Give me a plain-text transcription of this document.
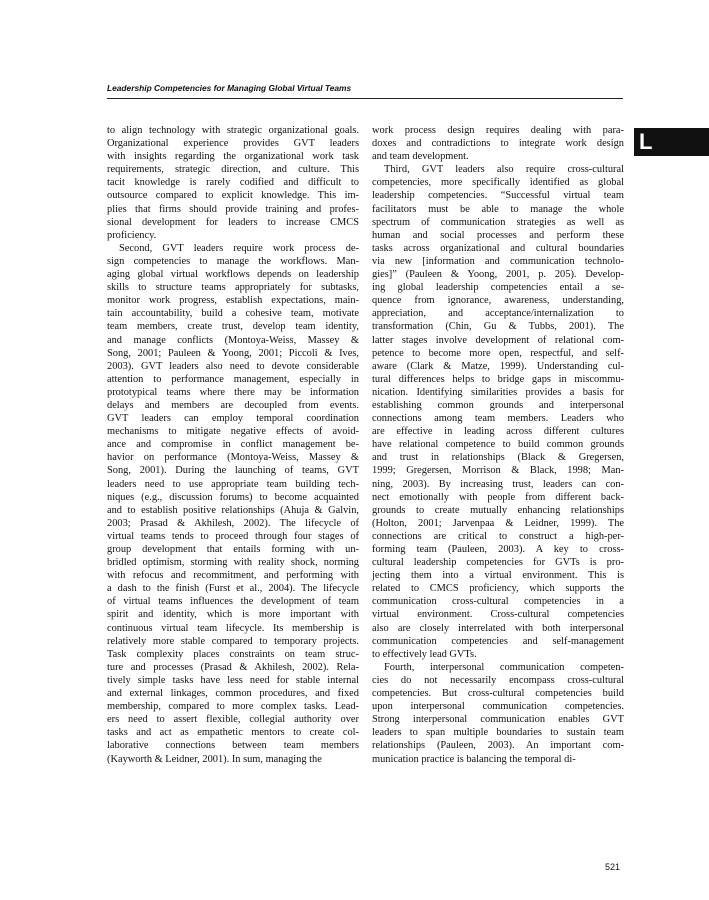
Leadership Competencies for Managing Global Virtual Teams
L
to align technology with strategic organizational goals.
Organizational experience provides GVT leaders
with insights regarding the organizational work task
requirements, strategic direction, and culture. This
tacit knowledge is rarely codified and difficult to
outsource compared to explicit knowledge. This im-
plies that firms should provide training and profes-
sional development for leaders to increase CMCS
proficiency.
Second, GVT leaders require work process de-
sign competencies to manage the workflows. Man-
aging global virtual workflows depends on leadership
skills to structure teams appropriately for subtasks,
monitor work progress, establish expectations, main-
tain accountability, build a cohesive team, motivate
team members, create trust, develop team identity,
and manage conflicts (Montoya-Weiss, Massey &
Song, 2001; Pauleen & Yoong, 2001; Piccoli & Ives,
2003). GVT leaders also need to devote considerable
attention to performance management, especially in
prototypical teams where there may be information
delays and members are decoupled from events.
GVT leaders can employ temporal coordination
mechanisms to mitigate negative effects of avoid-
ance and compromise in conflict management be-
havior on performance (Montoya-Weiss, Massey &
Song, 2001). During the launching of teams, GVT
leaders need to use appropriate team building tech-
niques (e.g., discussion forums) to become acquainted
and to establish positive relationships (Ahuja & Galvin,
2003; Prasad & Akhilesh, 2002). The lifecycle of
virtual teams tends to proceed through four stages of
group development that entails forming with un-
bridled optimism, storming with reality shock, norming
with refocus and recommitment, and performing with
a dash to the finish (Furst et al., 2004). The lifecycle
of virtual teams influences the development of team
spirit and identity, which is more important with
continuous virtual team lifecycle. Its membership is
relatively more stable compared to temporary projects.
Task complexity places constraints on team struc-
ture and processes (Prasad & Akhilesh, 2002). Rela-
tively simple tasks have less need for stable internal
and external linkages, common procedures, and fixed
membership, compared to more complex tasks. Lead-
ers need to assert flexible, collegial authority over
tasks and act as empathetic mentors to create col-
laborative connections between team members
(Kayworth & Leidner, 2001). In sum, managing the
work process design requires dealing with para-
doxes and contradictions to integrate work design
and team development.
Third, GVT leaders also require cross-cultural
competencies, more specifically identified as global
leadership competencies. “Successful virtual team
facilitators must be able to manage the whole
spectrum of communication strategies as well as
human and social processes and perform these
tasks across organizational and cultural boundaries
via new [information and communication technolo-
gies]” (Pauleen & Yoong, 2001, p. 205). Develop-
ing global leadership competencies entail a se-
quence from ignorance, awareness, understanding,
appreciation, and acceptance/internalization to
transformation (Chin, Gu & Tubbs, 2001). The
latter stages involve development of relational com-
petence to become more open, respectful, and self-
aware (Clark & Matze, 1999). Understanding cul-
tural differences helps to bridge gaps in miscommu-
nication. Identifying similarities provides a basis for
establishing common grounds and interpersonal
connections among team members. Leaders who
are effective in leading across different cultures
have relational competence to build common grounds
and trust in relationships (Black & Gregersen,
1999; Gregersen, Morrison & Black, 1998; Man-
ning, 2003). By increasing trust, leaders can con-
nect emotionally with people from different back-
grounds to create mutually enhancing relationships
(Holton, 2001; Jarvenpaa & Leidner, 1999). The
connections are critical to construct a high-per-
forming team (Pauleen, 2003). A key to cross-
cultural leadership competencies for GVTs is pro-
jecting them into a virtual environment. This is
related to CMCS proficiency, which supports the
communication cross-cultural competencies in a
virtual environment. Cross-cultural competencies
also are closely interrelated with both interpersonal
communication competencies and self-management
to effectively lead GVTs.
Fourth, interpersonal communication competen-
cies do not necessarily encompass cross-cultural
competencies. But cross-cultural competencies build
upon interpersonal communication competencies.
Strong interpersonal communication enables GVT
leaders to span multiple boundaries to sustain team
relationships (Pauleen, 2003). An important com-
munication practice is balancing the temporal di-
521
